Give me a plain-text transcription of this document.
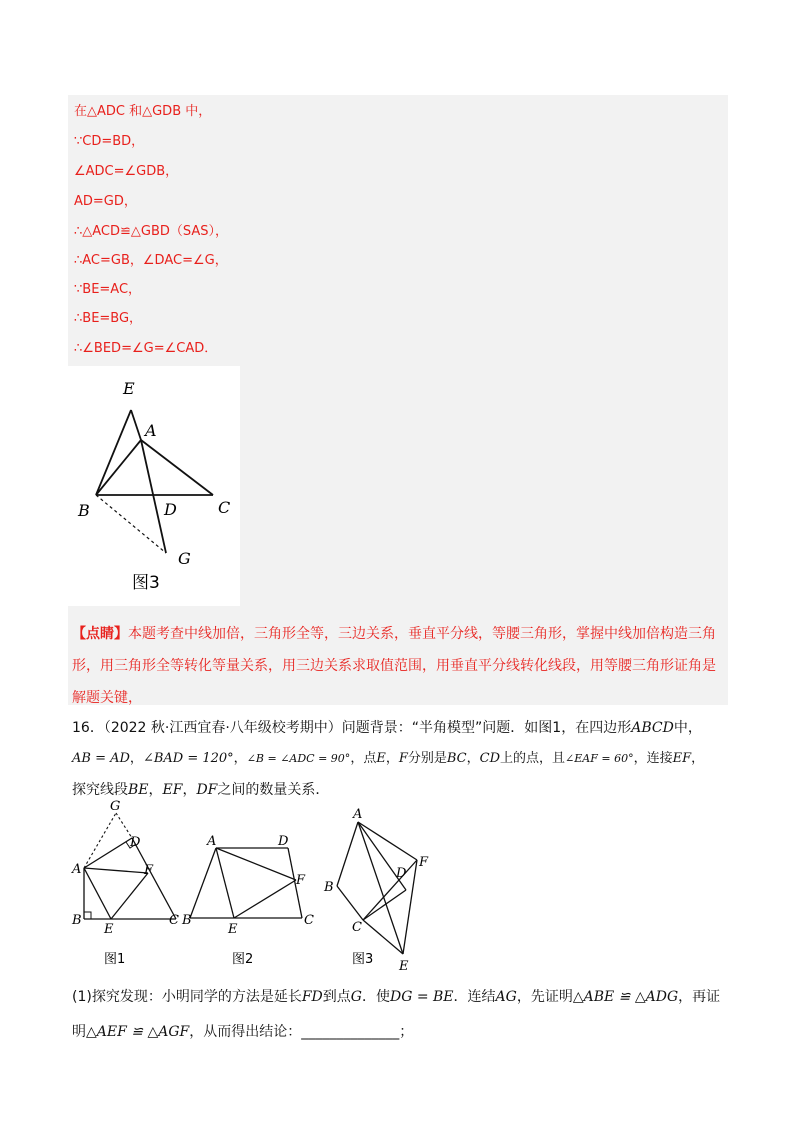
在△ADC 和△GDB 中，
∵CD=BD，
∠ADC=∠GDB，
AD=GD，
∴△ACD≌△GBD（SAS），
∴AC=GB，∠DAC=∠G，
∵BE=AC，
∴BE=BG，
∴∠BED=∠G=∠CAD．
E
A
B	D	C
G
图3
【点睛】本题考查中线加倍，三角形全等，三边关系，垂直平分线，等腰三角形，掌握中线加倍构造三角形，用三角形全等转化等量关系，用三边关系求取值范围，用垂直平分线转化线段，用等腰三角形证角是解题关键，
16．（2022 秋·江西宜春·八年级校考期中）问题背景：“半角模型”问题．如图1，在四边形ABCD中，
AB = AD，∠BAD = 120°，∠B = ∠ADC = 90°，点E，F分别是BC，CD上的点，且∠EAF = 60°，连接EF，
探究线段BE，EF，DF之间的数量关系．
G
D
A	F
B
E
C
图1
A	D
F
B
E
C
图2
A
F
D
B
C
E
图3
(1)探究发现：小明同学的方法是延长FD到点G．使DG = BE．连结AG，先证明△ABE ≌ △ADG，再证
明△AEF ≌ △AGF，从而得出结论：______________；
